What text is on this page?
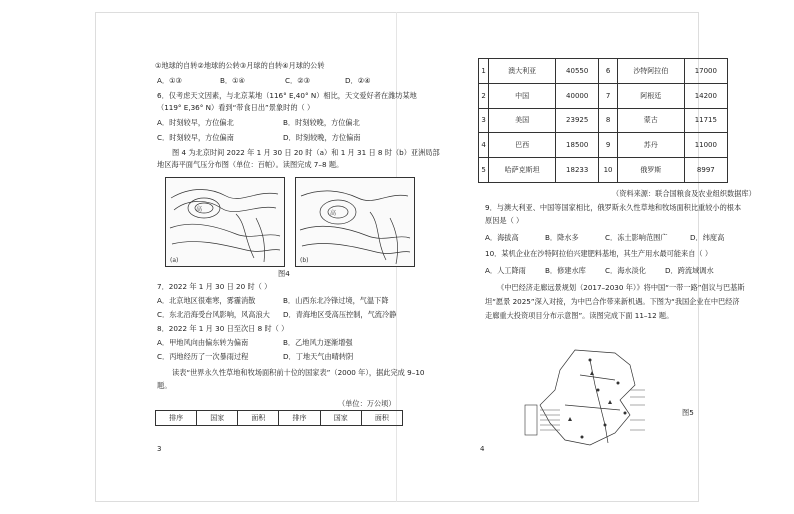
①地球的自转②地球的公转③月球的自转④月球的公转
A．①③	B．①④	C．②③	D．②④
6．仅考虑天文因素，与北京某地（116° E,40° N）相比，天文爱好者在潍坊某地
（119° E,36° N）看到“带食日出”景象时的（ ）
A．时刻较早，方位偏北	B．时刻较晚，方位偏北
C．时刻较早，方位偏南	D．时刻较晚，方位偏南
图 4 为北京时间 2022 年 1 月 30 日 20 时（a）和 1 月 31 日 8 时（b）亚洲局部
地区海平面气压分布图（单位：百帕）。读图完成 7–8 题。
高
(a)
高
(b)
图4
7．2022 年 1 月 30 日 20 时（ ）
A．北京地区很难寒，雾霾消散	B．山西东北冷锋过境，气温下降
C．东北沿海受台风影响，风高浪大 D．青海地区受高压控制，气流冷静
8．2022 年 1 月 30 日至次日 8 时（ ）
A．甲地风向由偏东转为偏南	B．乙地风力逐渐增强
C．丙地经历了一次暴雨过程	D．丁地天气由晴转阴
读表“世界永久性草地和牧场面积前十位的国家表”（2000 年），据此完成 9–10
题。
（单位：万公顷）
排序	国家	面积	排序	国家	面积
3
1	澳大利亚	40550	6	沙特阿拉伯	17000
2	中国	40000	7	阿根廷	14200
3	美国	23925	8	蒙古	11715
4	巴西	18500	9	苏丹	11000
5	哈萨克斯坦	18233	10	俄罗斯	8997
（资料来源：联合国粮食及农业组织数据库）
9．与澳大利亚、中国等国家相比，俄罗斯永久性草地和牧场面积比重较小的根本
原因是（ ）
A．海拔高	B．降水多	C．冻土影响范围广	D．纬度高
10．某机企业在沙特阿拉伯兴建肥料基地，其生产用水最可能来自（ ）
A．人工降雨	B．修建水库	C．海水淡化	D．跨流域调水
《中巴经济走廊远景规划（2017–2030 年）》将中国“一带一路”倡议与巴基斯
坦“愿景 2025”深入对接，为中巴合作带来新机遇。下图为“我国企业在中巴经济
走廊重大投资项目分布示意图”。读图完成下面 11–12 题。
图5
4
